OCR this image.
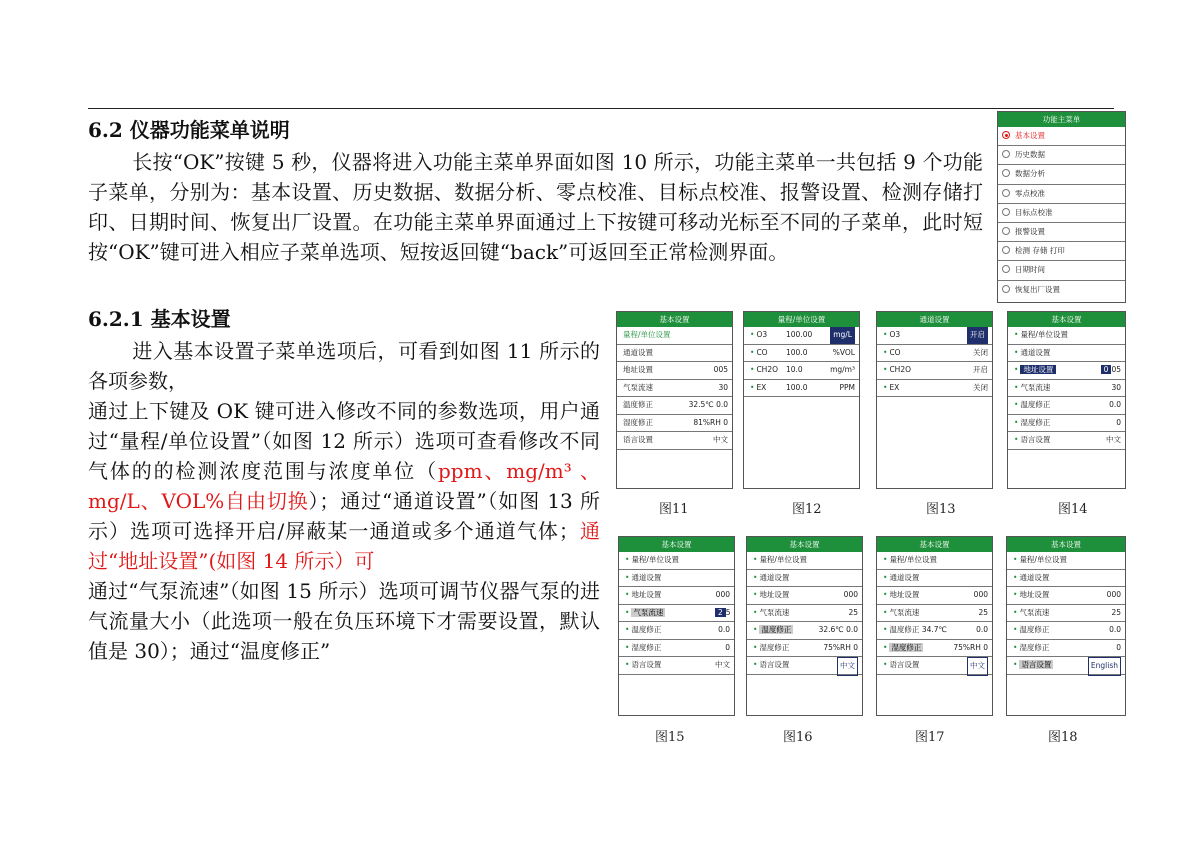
6.2 仪器功能菜单说明
长按“OK”按键 5 秒，仪器将进入功能主菜单界面如图 10 所示，功能主菜单一共包括 9 个功能子菜单，分别为：基本设置、历史数据、数据分析、零点校准、目标点校准、报警设置、检测存储打印、日期时间、恢复出厂设置。在功能主菜单界面通过上下按键可移动光标至不同的子菜单，此时短按“OK”键可进入相应子菜单选项、短按返回键“back”可返回至正常检测界面。
6.2.1 基本设置
进入基本设置子菜单选项后，可看到如图 11 所示的各项参数，
通过上下键及 OK 键可进入修改不同的参数选项，用户通过“量程/单位设置”（如图 12 所示）选项可查看修改不同气体的的检测浓度范围与浓度单位（ppm、mg/m³ 、mg/L、VOL%自由切换）；通过“通道设置”（如图 13 所示）选项可选择开启/屏蔽某一通道或多个通道气体；通过“地址设置”(如图 14 所示）可
通过“气泵流速”（如图 15 所示）选项可调节仪器气泵的进气流量大小（此选项一般在负压环境下才需要设置，默认值是 30）；通过“温度修正”
功能主菜单
基本设置
历史数据
数据分析
零点校准
目标点校准
报警设置
检测 存储 打印
日期时间
恢复出厂设置
基本设置
量程/单位设置
通道设置
地址设置	005
气泵流速	30
温度修正	32.5℃ 0.0
湿度修正	81%RH 0
语言设置	中文
图11
量程/单位设置
• O3	100.00	mg/L
• CO 100.0	%VOL
• CH2O 10.0	mg/m³
• EX	100.0	PPM
图12
通道设置
• O3	开启
• CO	关闭
• CH2O	开启
• EX	关闭
图13
基本设置
• 量程/单位设置
• 通道设置
• 地址设置	0 05
• 气泵流速	30
• 温度修正	0.0
• 湿度修正	0
• 语言设置	中文
图14
基本设置
• 量程/单位设置
• 通道设置
• 地址设置	000
• 气泵流速	2 5
• 温度修正	0.0
• 湿度修正	0
• 语言设置	中文
图15
基本设置
• 量程/单位设置
• 通道设置
• 地址设置	000
• 气泵流速	25
• 温度修正	32.6℃ 0.0
• 湿度修正	75%RH 0
• 语言设置	中文
图16
基本设置
• 量程/单位设置
• 通道设置
• 地址设置	000
• 气泵流速	25
• 温度修正 34.7℃	0.0
• 湿度修正	75%RH 0
• 语言设置	中文
图17
基本设置
• 量程/单位设置
• 通道设置
• 地址设置	000
• 气泵流速	25
• 温度修正	0.0
• 湿度修正	0
• 语言设置	English
图18
